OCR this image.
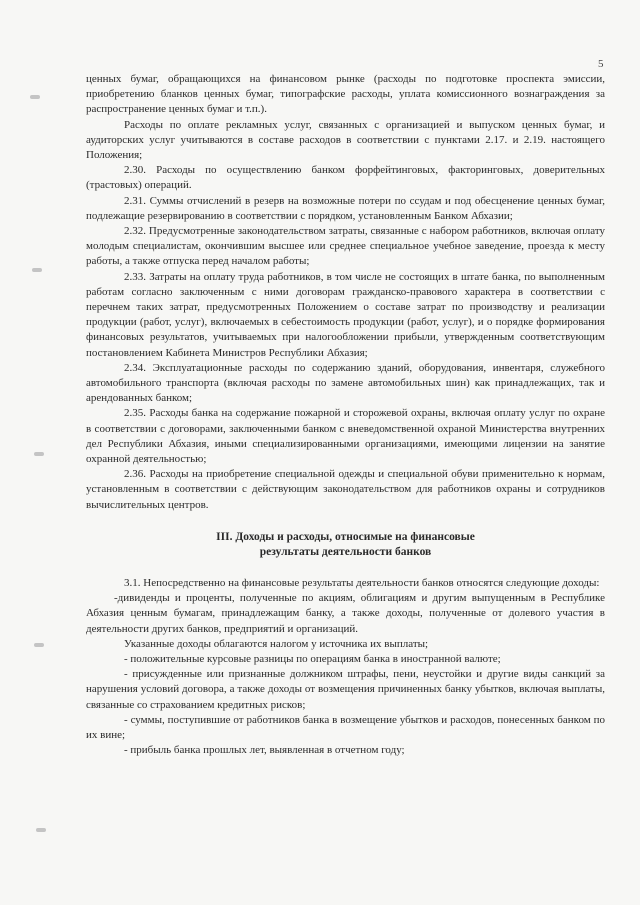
5

ценных бумаг, обращающихся на финансовом рынке (расходы по подготовке проспекта эмиссии, приобретению бланков ценных бумаг, типографские расходы, уплата комиссионного вознаграждения за распространение ценных бумаг и т.п.).

Расходы по оплате рекламных услуг, связанных с организацией и выпуском ценных бумаг, и аудиторских услуг учитываются в составе расходов в соответствии с пунктами 2.17. и 2.19. настоящего Положения;

2.30. Расходы по осуществлению банком форфейтинговых, факторинговых, доверительных (трастовых) операций.

2.31. Суммы отчислений в резерв на возможные потери по ссудам и под обесценение ценных бумаг, подлежащие резервированию в соответствии с порядком, установленным Банком Абхазии;

2.32. Предусмотренные законодательством затраты, связанные с набором работников, включая оплату молодым специалистам, окончившим высшее или среднее специальное учебное заведение, проезда к месту работы, а также отпуска перед началом работы;

2.33. Затраты на оплату труда работников, в том числе не состоящих в штате банка, по выполненным работам согласно заключенным с ними договорам гражданско-правового характера в соответствии с перечнем таких затрат, предусмотренных Положением о составе затрат по производству и реализации продукции (работ, услуг), включаемых в себестоимость продукции (работ, услуг), и о порядке формирования финансовых результатов, учитываемых при налогообложении прибыли, утвержденным соответствующим постановлением Кабинета Министров Республики Абхазия;

2.34. Эксплуатационные расходы по содержанию зданий, оборудования, инвентаря, служебного автомобильного транспорта (включая расходы по замене автомобильных шин) как принадлежащих, так и арендованных банком;

2.35. Расходы банка на содержание пожарной и сторожевой охраны, включая оплату услуг по охране в соответствии с договорами, заключенными банком с вневедомственной охраной Министерства внутренних дел Республики Абхазия, иными специализированными организациями, имеющими лицензии на занятие охранной деятельностью;

2.36. Расходы на приобретение специальной одежды и специальной обуви применительно к нормам, установленным в соответствии с действующим законодательством для работников охраны и сотрудников вычислительных центров.

III. Доходы и расходы, относимые на финансовые
результаты деятельности банков

3.1. Непосредственно на финансовые результаты деятельности банков относятся следующие доходы:

-дивиденды и проценты, полученные по акциям, облигациям и другим выпущенным в Республике Абхазия ценным бумагам, принадлежащим банку, а также доходы, полученные от долевого участия в деятельности других банков, предприятий и организаций.

Указанные доходы облагаются налогом у источника их выплаты;

- положительные курсовые разницы по операциям банка в иностранной валюте;

- присужденные или признанные должником штрафы, пени, неустойки и другие виды санкций за нарушения условий договора, а также доходы от возмещения причиненных банку убытков, включая выплаты, связанные со страхованием кредитных рисков;

- суммы, поступившие от работников банка в возмещение убытков и расходов, понесенных банком по их вине;

- прибыль банка прошлых лет, выявленная в отчетном году;
